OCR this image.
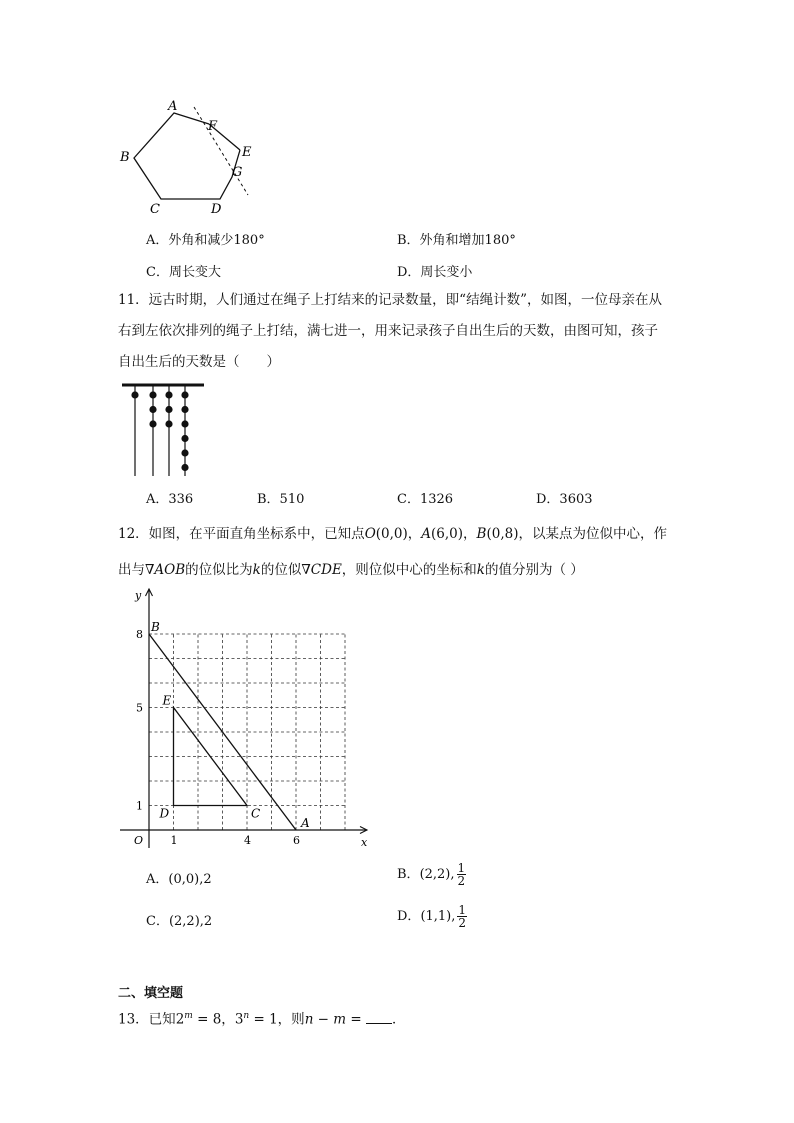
A
B
C	D
E
F
G
A．外角和减少180°	B．外角和增加180°
C．周长变大	D．周长变小
11．远古时期，人们通过在绳子上打结来的记录数量，即“结绳计数”，如图，一位母亲在从
右到左依次排列的绳子上打结，满七进一，用来记录孩子自出生后的天数，由图可知，孩子
自出生后的天数是（　　）
A．336	B．510	C．1326	D．3603
12．如图，在平面直角坐标系中，已知点O(0,0)，A(6,0)，B(0,8)，以某点为位似中心，作
出与∇AOB的位似比为k的位似∇CDE，则位似中心的坐标和k的值分别为（ ）
y
x
O 1	4	6
1
5
8
B
E
D	C
A
A．(0,0),2	B．(2,2), $\frac{1}{2}$
C．(2,2),2	D．(1,1), $\frac{1}{2}$
二、填空题
13．已知$2^m = 8$，$3^n = 1$，则n − m = ．
